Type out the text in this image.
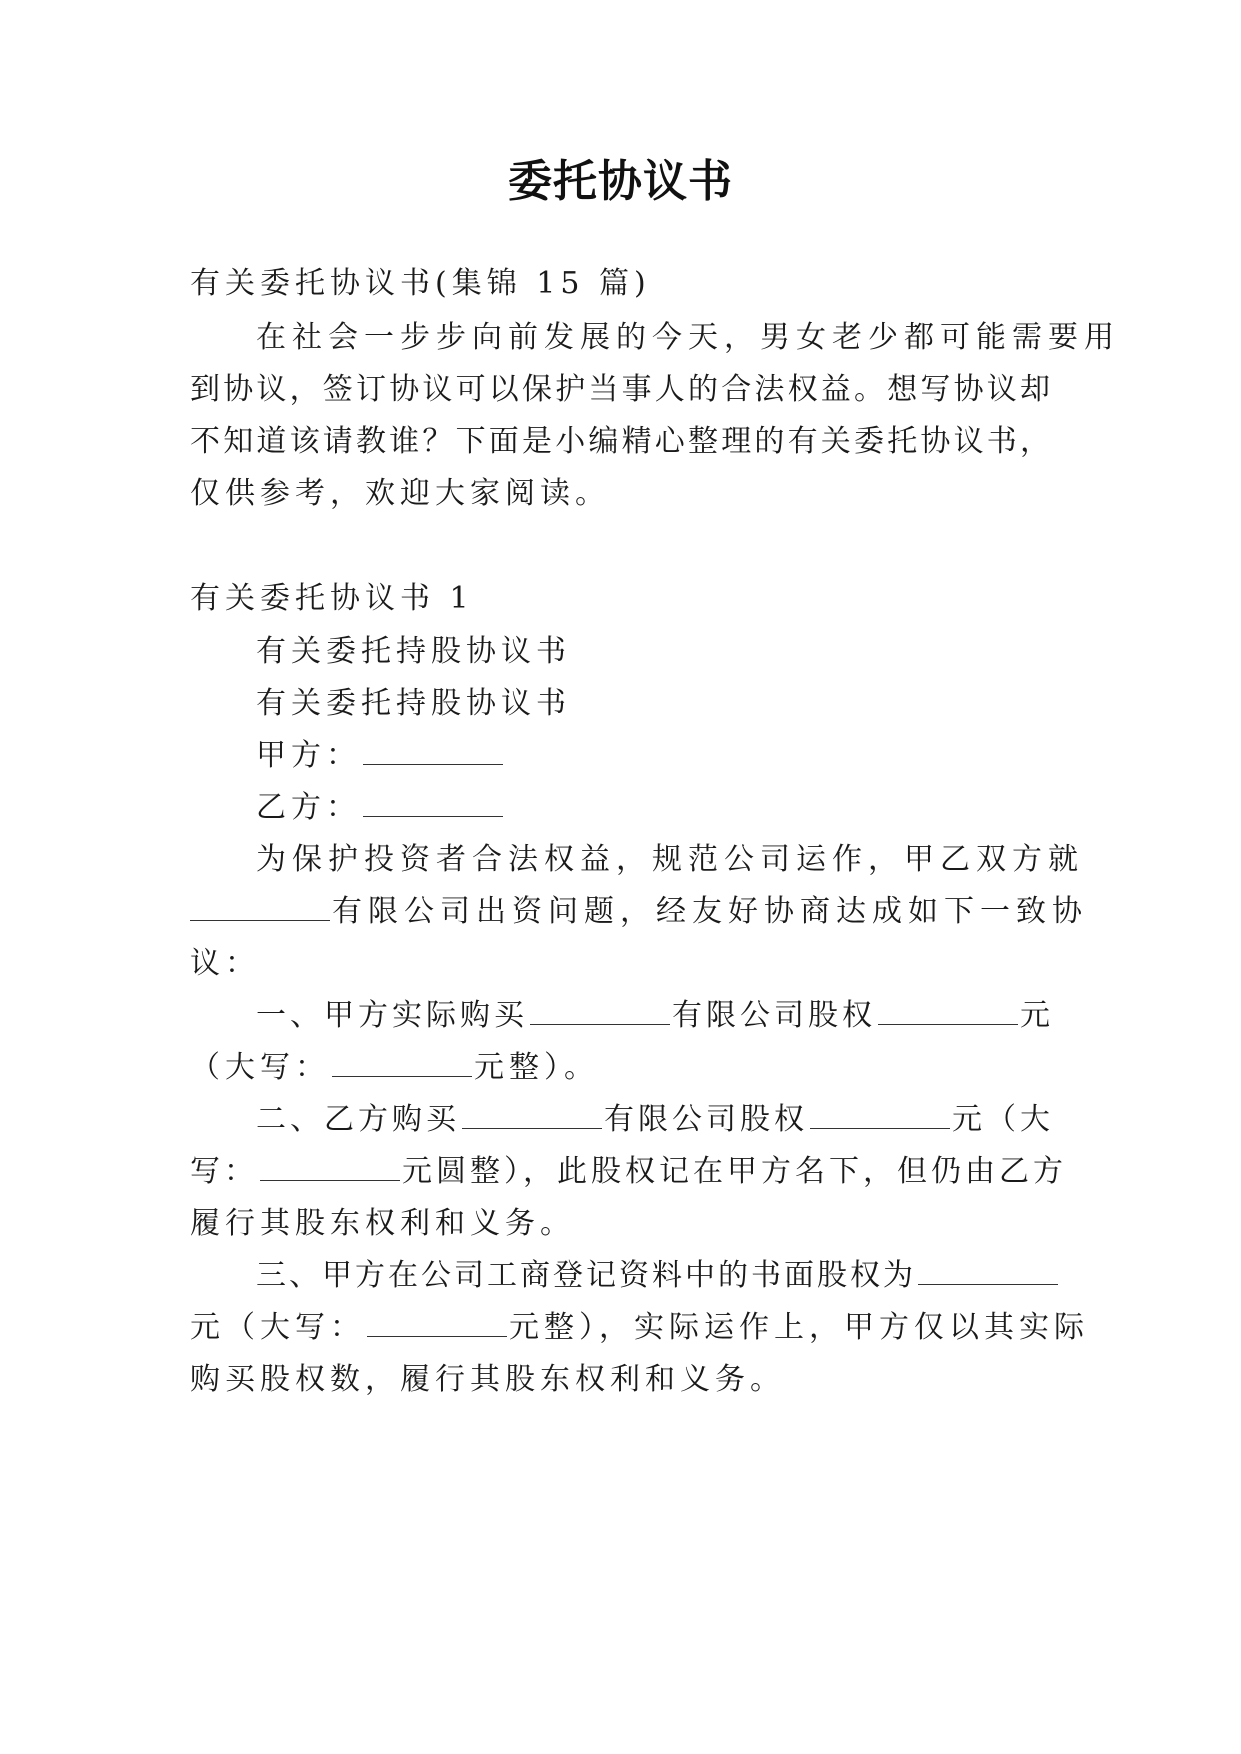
委托协议书
有关委托协议书(集锦 15 篇)
在社会一步步向前发展的今天，男女老少都可能需要用
到协议，签订协议可以保护当事人的合法权益。想写协议却
不知道该请教谁？下面是小编精心整理的有关委托协议书，
仅供参考，欢迎大家阅读。
有关委托协议书 1
有关委托持股协议书
有关委托持股协议书
甲方：
乙方：
为保护投资者合法权益，规范公司运作，甲乙双方就
有限公司出资问题，经友好协商达成如下一致协
议：
一、甲方实际购买	有限公司股权	元
（大写：	元整）。
二、乙方购买	有限公司股权	元（大
写：	元圆整），此股权记在甲方名下，但仍由乙方
履行其股东权利和义务。
三、甲方在公司工商登记资料中的书面股权为
元（大写：	元整），实际运作上，甲方仅以其实际
购买股权数，履行其股东权利和义务。
